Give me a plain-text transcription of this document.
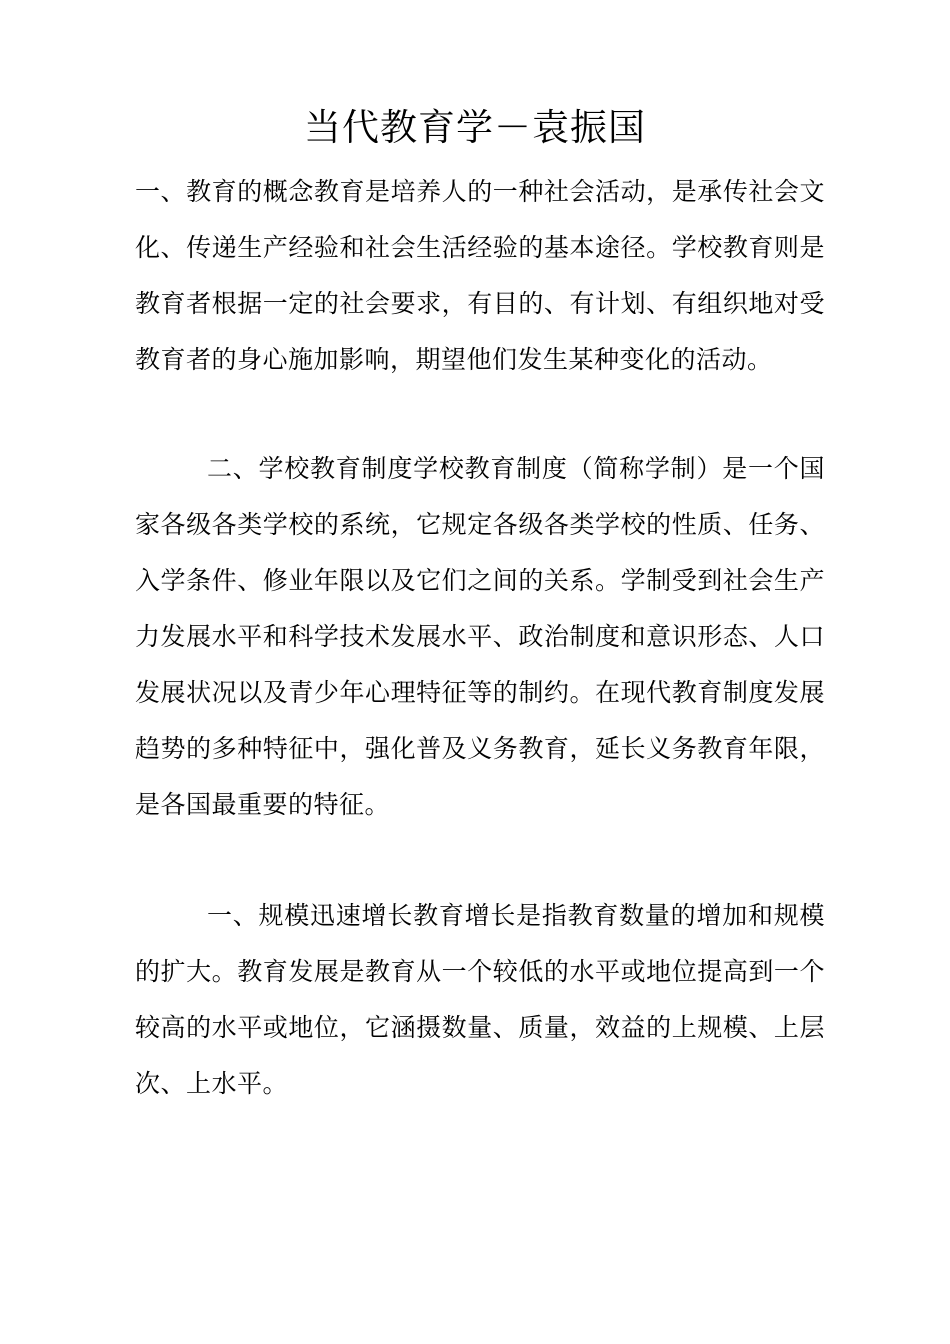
当代教育学－袁振国

一、教育的概念教育是培养人的一种社会活动，是承传社会文化、传递生产经验和社会生活经验的基本途径。学校教育则是教育者根据一定的社会要求，有目的、有计划、有组织地对受教育者的身心施加影响，期望他们发生某种变化的活动。

二、学校教育制度学校教育制度（简称学制）是一个国家各级各类学校的系统，它规定各级各类学校的性质、任务、入学条件、修业年限以及它们之间的关系。学制受到社会生产力发展水平和科学技术发展水平、政治制度和意识形态、人口发展状况以及青少年心理特征等的制约。在现代教育制度发展趋势的多种特征中，强化普及义务教育，延长义务教育年限，是各国最重要的特征。

一、规模迅速增长教育增长是指教育数量的增加和规模的扩大。教育发展是教育从一个较低的水平或地位提高到一个较高的水平或地位，它涵摄数量、质量，效益的上规模、上层次、上水平。
